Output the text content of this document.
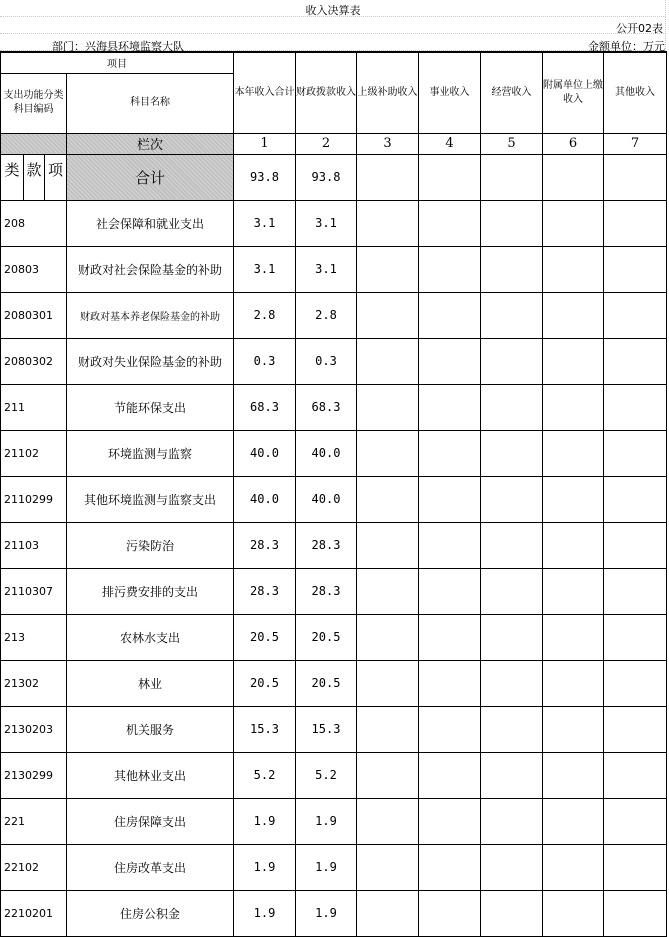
收入决算表
公开02表
部门：兴海县环境监察大队	金额单位：万元
项目				本年收入合计	财政拨款收入	上级补助收入	事业收入	经营收入	附属单位上缴收入	其他收入
支出功能分类科目编码			科目名称							

			栏次	1	2	3	4	5	6	7
类	款	项	合计	93.8	93.8					
208			社会保障和就业支出	3.1	3.1					
20803			财政对社会保险基金的补助	3.1	3.1					
2080301			财政对基本养老保险基金的补助	2.8	2.8					
2080302			财政对失业保险基金的补助	0.3	0.3					
211			节能环保支出	68.3	68.3					
21102			环境监测与监察	40.0	40.0					
2110299			其他环境监测与监察支出	40.0	40.0					
21103			污染防治	28.3	28.3					
2110307			排污费安排的支出	28.3	28.3					
213			农林水支出	20.5	20.5					
21302			林业	20.5	20.5					
2130203			机关服务	15.3	15.3					
2130299			其他林业支出	5.2	5.2					
221			住房保障支出	1.9	1.9					
22102			住房改革支出	1.9	1.9					
2210201			住房公积金	1.9	1.9					
